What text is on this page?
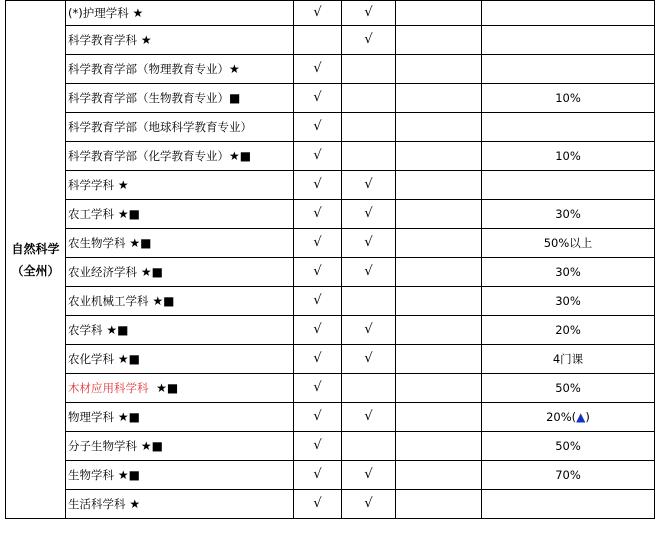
自然科学
（全州）	(*)护理学科 ★	√	√		
	科学教育学科 ★		√		
	科学教育学部（物理教育专业）★	√			
	科学教育学部（生物教育专业）■	√			10%
	科学教育学部（地球科学教育专业）	√			
	科学教育学部（化学教育专业）★■	√			10%
	科学学科 ★	√	√		
	农工学科 ★■	√	√		30%
	农生物学科 ★■	√	√		50%以上
	农业经济学科 ★■	√	√		30%
	农业机械工学科 ★■	√			30%
	农学科 ★■	√	√		20%
	农化学科 ★■	√	√		4门课
	木材应用科学科  ★■	√			50%
	物理学科 ★■	√	√		20%(▲)
	分子生物学科 ★■	√			50%
	生物学科 ★■	√	√		70%
	生活科学科 ★	√	√		
